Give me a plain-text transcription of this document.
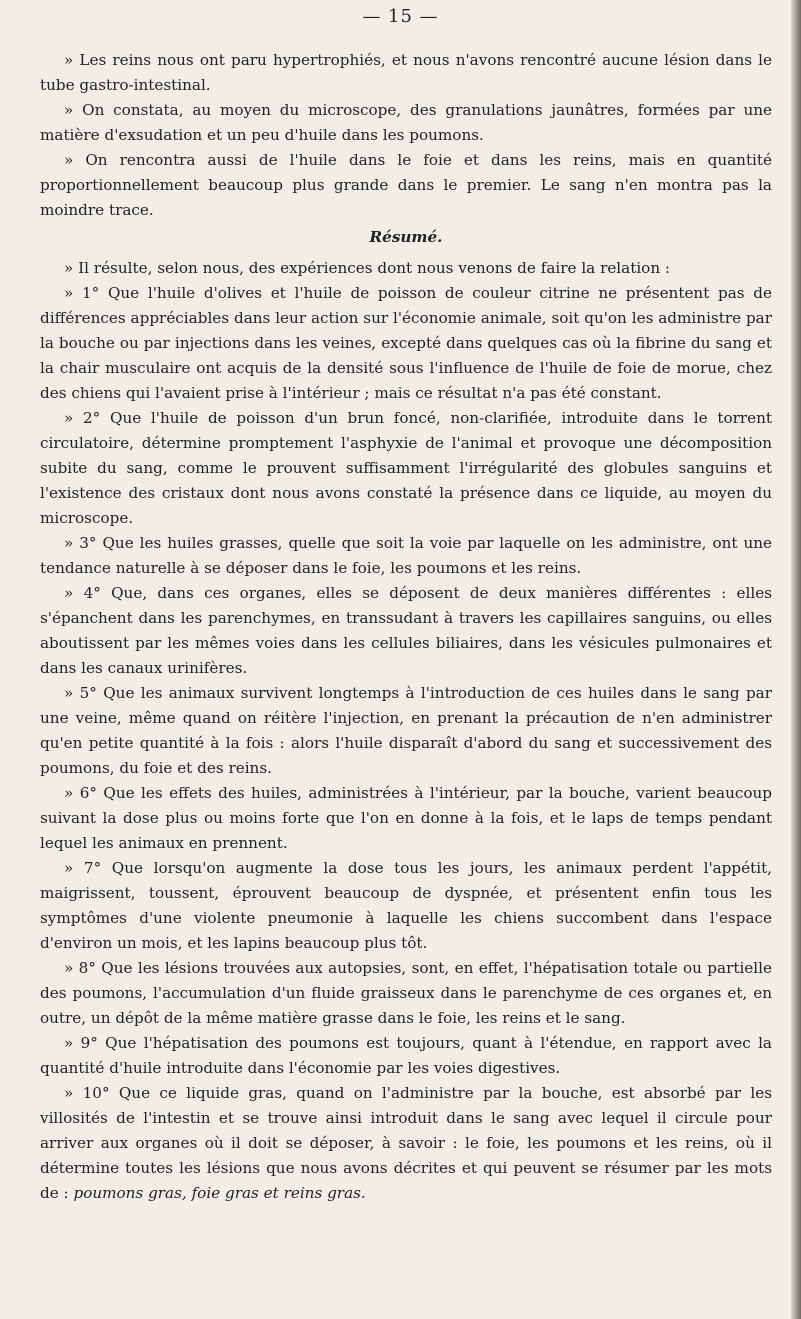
— 15 —

» Les reins nous ont paru hypertrophiés, et nous n'avons rencontré aucune lésion dans le tube gastro-intestinal.

» On constata, au moyen du microscope, des granulations jaunâtres, formées par une matière d'exsudation et un peu d'huile dans les poumons.

» On rencontra aussi de l'huile dans le foie et dans les reins, mais en quantité proportionnellement beaucoup plus grande dans le premier. Le sang n'en montra pas la moindre trace.

Résumé.

» Il résulte, selon nous, des expériences dont nous venons de faire la relation :

» 1° Que l'huile d'olives et l'huile de poisson de couleur citrine ne présentent pas de différences appréciables dans leur action sur l'économie animale, soit qu'on les administre par la bouche ou par injections dans les veines, excepté dans quelques cas où la fibrine du sang et la chair musculaire ont acquis de la densité sous l'influence de l'huile de foie de morue, chez des chiens qui l'avaient prise à l'intérieur ; mais ce résultat n'a pas été constant.

» 2° Que l'huile de poisson d'un brun foncé, non-clarifiée, introduite dans le torrent circulatoire, détermine promptement l'asphyxie de l'animal et provoque une décomposition subite du sang, comme le prouvent suffisamment l'irrégularité des globules sanguins et l'existence des cristaux dont nous avons constaté la présence dans ce liquide, au moyen du microscope.

» 3° Que les huiles grasses, quelle que soit la voie par laquelle on les administre, ont une tendance naturelle à se déposer dans le foie, les poumons et les reins.

» 4° Que, dans ces organes, elles se déposent de deux manières différentes : elles s'épanchent dans les parenchymes, en transsudant à travers les capillaires sanguins, ou elles aboutissent par les mêmes voies dans les cellules biliaires, dans les vésicules pulmonaires et dans les canaux urinifères.

» 5° Que les animaux survivent longtemps à l'introduction de ces huiles dans le sang par une veine, même quand on réitère l'injection, en prenant la précaution de n'en administrer qu'en petite quantité à la fois : alors l'huile disparaît d'abord du sang et successivement des poumons, du foie et des reins.

» 6° Que les effets des huiles, administrées à l'intérieur, par la bouche, varient beaucoup suivant la dose plus ou moins forte que l'on en donne à la fois, et le laps de temps pendant lequel les animaux en prennent.

» 7° Que lorsqu'on augmente la dose tous les jours, les animaux perdent l'appétit, maigrissent, toussent, éprouvent beaucoup de dyspnée, et présentent enfin tous les symptômes d'une violente pneumonie à laquelle les chiens succombent dans l'espace d'environ un mois, et les lapins beaucoup plus tôt.

» 8° Que les lésions trouvées aux autopsies, sont, en effet, l'hépatisation totale ou partielle des poumons, l'accumulation d'un fluide graisseux dans le parenchyme de ces organes et, en outre, un dépôt de la même matière grasse dans le foie, les reins et le sang.

» 9° Que l'hépatisation des poumons est toujours, quant à l'étendue, en rapport avec la quantité d'huile introduite dans l'économie par les voies digestives.

» 10° Que ce liquide gras, quand on l'administre par la bouche, est absorbé par les villosités de l'intestin et se trouve ainsi introduit dans le sang avec lequel il circule pour arriver aux organes où il doit se déposer, à savoir : le foie, les poumons et les reins, où il détermine toutes les lésions que nous avons décrites et qui peuvent se résumer par les mots de : poumons gras, foie gras et reins gras.
